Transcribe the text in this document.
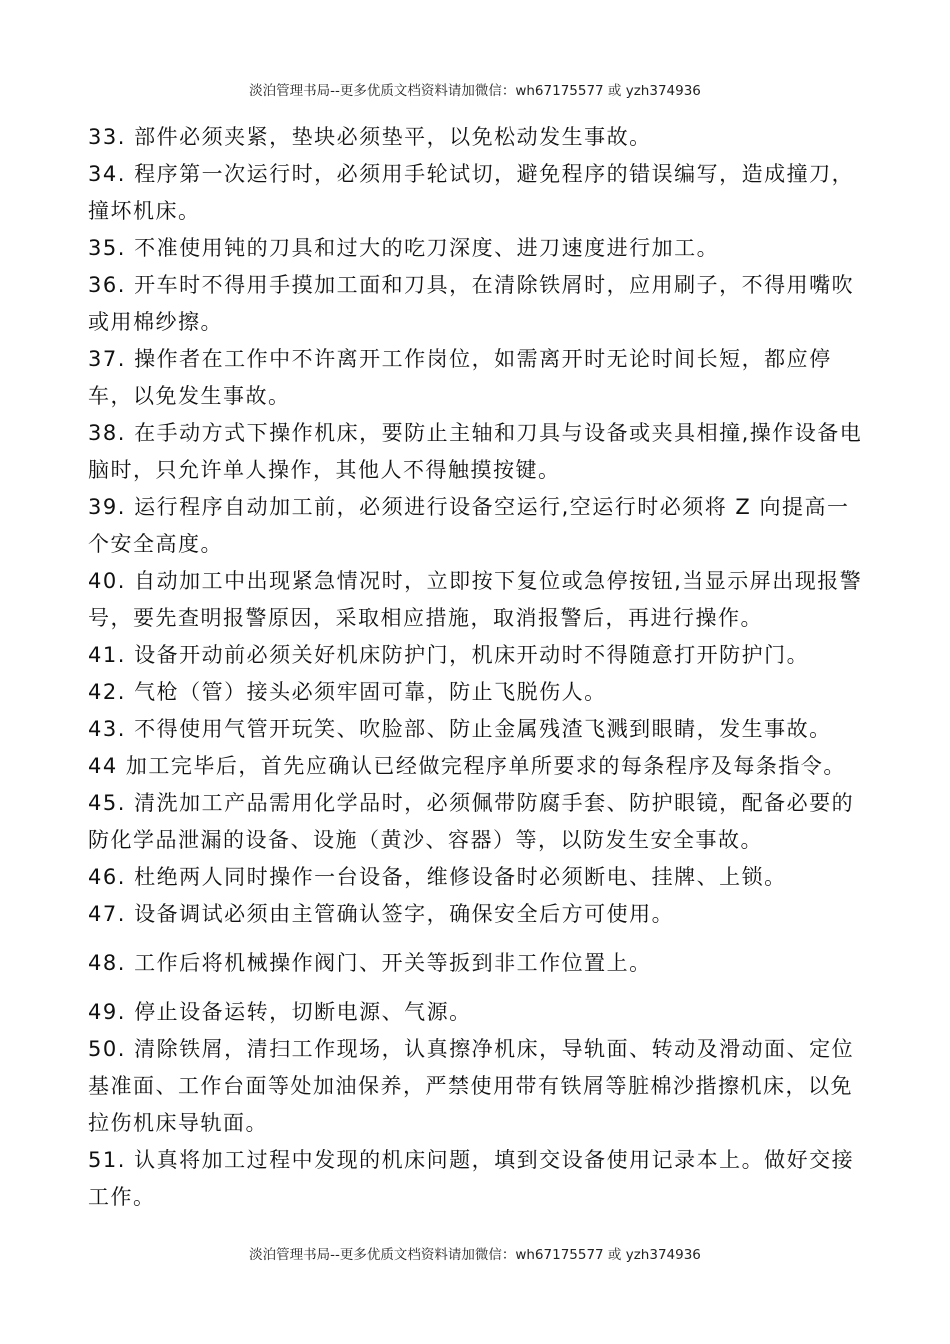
淡泊管理书局--更多优质文档资料请加微信：wh67175577 或 yzh374936

33. 部件必须夹紧，垫块必须垫平，以免松动发生事故。

34. 程序第一次运行时，必须用手轮试切，避免程序的错误编写，造成撞刀，撞坏机床。

35. 不准使用钝的刀具和过大的吃刀深度、进刀速度进行加工。

36. 开车时不得用手摸加工面和刀具，在清除铁屑时，应用刷子，不得用嘴吹或用棉纱擦。

37. 操作者在工作中不许离开工作岗位，如需离开时无论时间长短，都应停车，以免发生事故。

38. 在手动方式下操作机床，要防止主轴和刀具与设备或夹具相撞,操作设备电脑时，只允许单人操作，其他人不得触摸按键。

39. 运行程序自动加工前，必须进行设备空运行,空运行时必须将 Z 向提高一个安全高度。

40. 自动加工中出现紧急情况时，立即按下复位或急停按钮,当显示屏出现报警号，要先查明报警原因，采取相应措施，取消报警后，再进行操作。

41. 设备开动前必须关好机床防护门，机床开动时不得随意打开防护门。

42. 气枪（管）接头必须牢固可靠，防止飞脱伤人。

43. 不得使用气管开玩笑、吹脸部、防止金属残渣飞溅到眼睛，发生事故。

44 加工完毕后，首先应确认已经做完程序单所要求的每条程序及每条指令。

45. 清洗加工产品需用化学品时，必须佩带防腐手套、防护眼镜，配备必要的防化学品泄漏的设备、设施（黄沙、容器）等，以防发生安全事故。

46. 杜绝两人同时操作一台设备，维修设备时必须断电、挂牌、上锁。

47. 设备调试必须由主管确认签字，确保安全后方可使用。

48. 工作后将机械操作阀门、开关等扳到非工作位置上。

49. 停止设备运转，切断电源、气源。

50. 清除铁屑，清扫工作现场，认真擦净机床，导轨面、转动及滑动面、定位基准面、工作台面等处加油保养，严禁使用带有铁屑等脏棉沙揩擦机床，以免拉伤机床导轨面。

51. 认真将加工过程中发现的机床问题，填到交设备使用记录本上。做好交接工作。

淡泊管理书局--更多优质文档资料请加微信：wh67175577 或 yzh374936
